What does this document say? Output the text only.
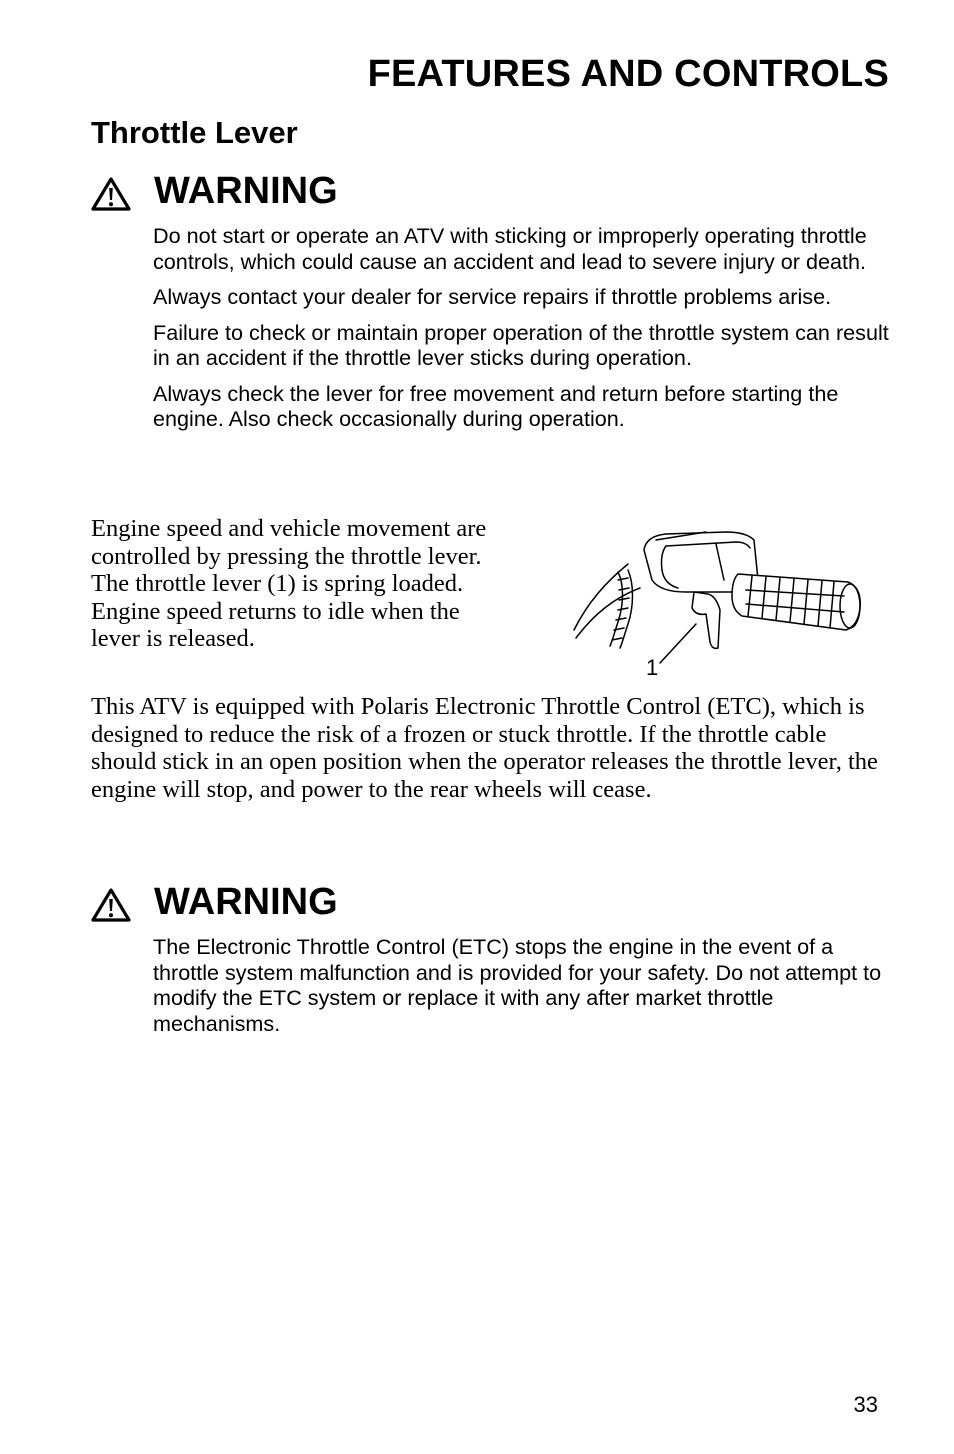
FEATURES AND CONTROLS
Throttle Lever
WARNING

Do not start or operate an ATV with sticking or improperly operating throttle controls, which could cause an accident and lead to severe injury or death.

Always contact your dealer for service repairs if throttle problems arise.

Failure to check or maintain proper operation of the throttle system can result in an accident if the throttle lever sticks during operation.

Always check the lever for free movement and return before starting the engine. Also check occasionally during operation.

Engine speed and vehicle movement are controlled by pressing the throttle lever. The throttle lever (1) is spring loaded. Engine speed returns to idle when the lever is released.

1

This ATV is equipped with Polaris Electronic Throttle Control (ETC), which is designed to reduce the risk of a frozen or stuck throttle. If the throttle cable should stick in an open position when the operator releases the throttle lever, the engine will stop, and power to the rear wheels will cease.

WARNING

The Electronic Throttle Control (ETC) stops the engine in the event of a throttle system malfunction and is provided for your safety. Do not attempt to modify the ETC system or replace it with any after market throttle mechanisms.

33
